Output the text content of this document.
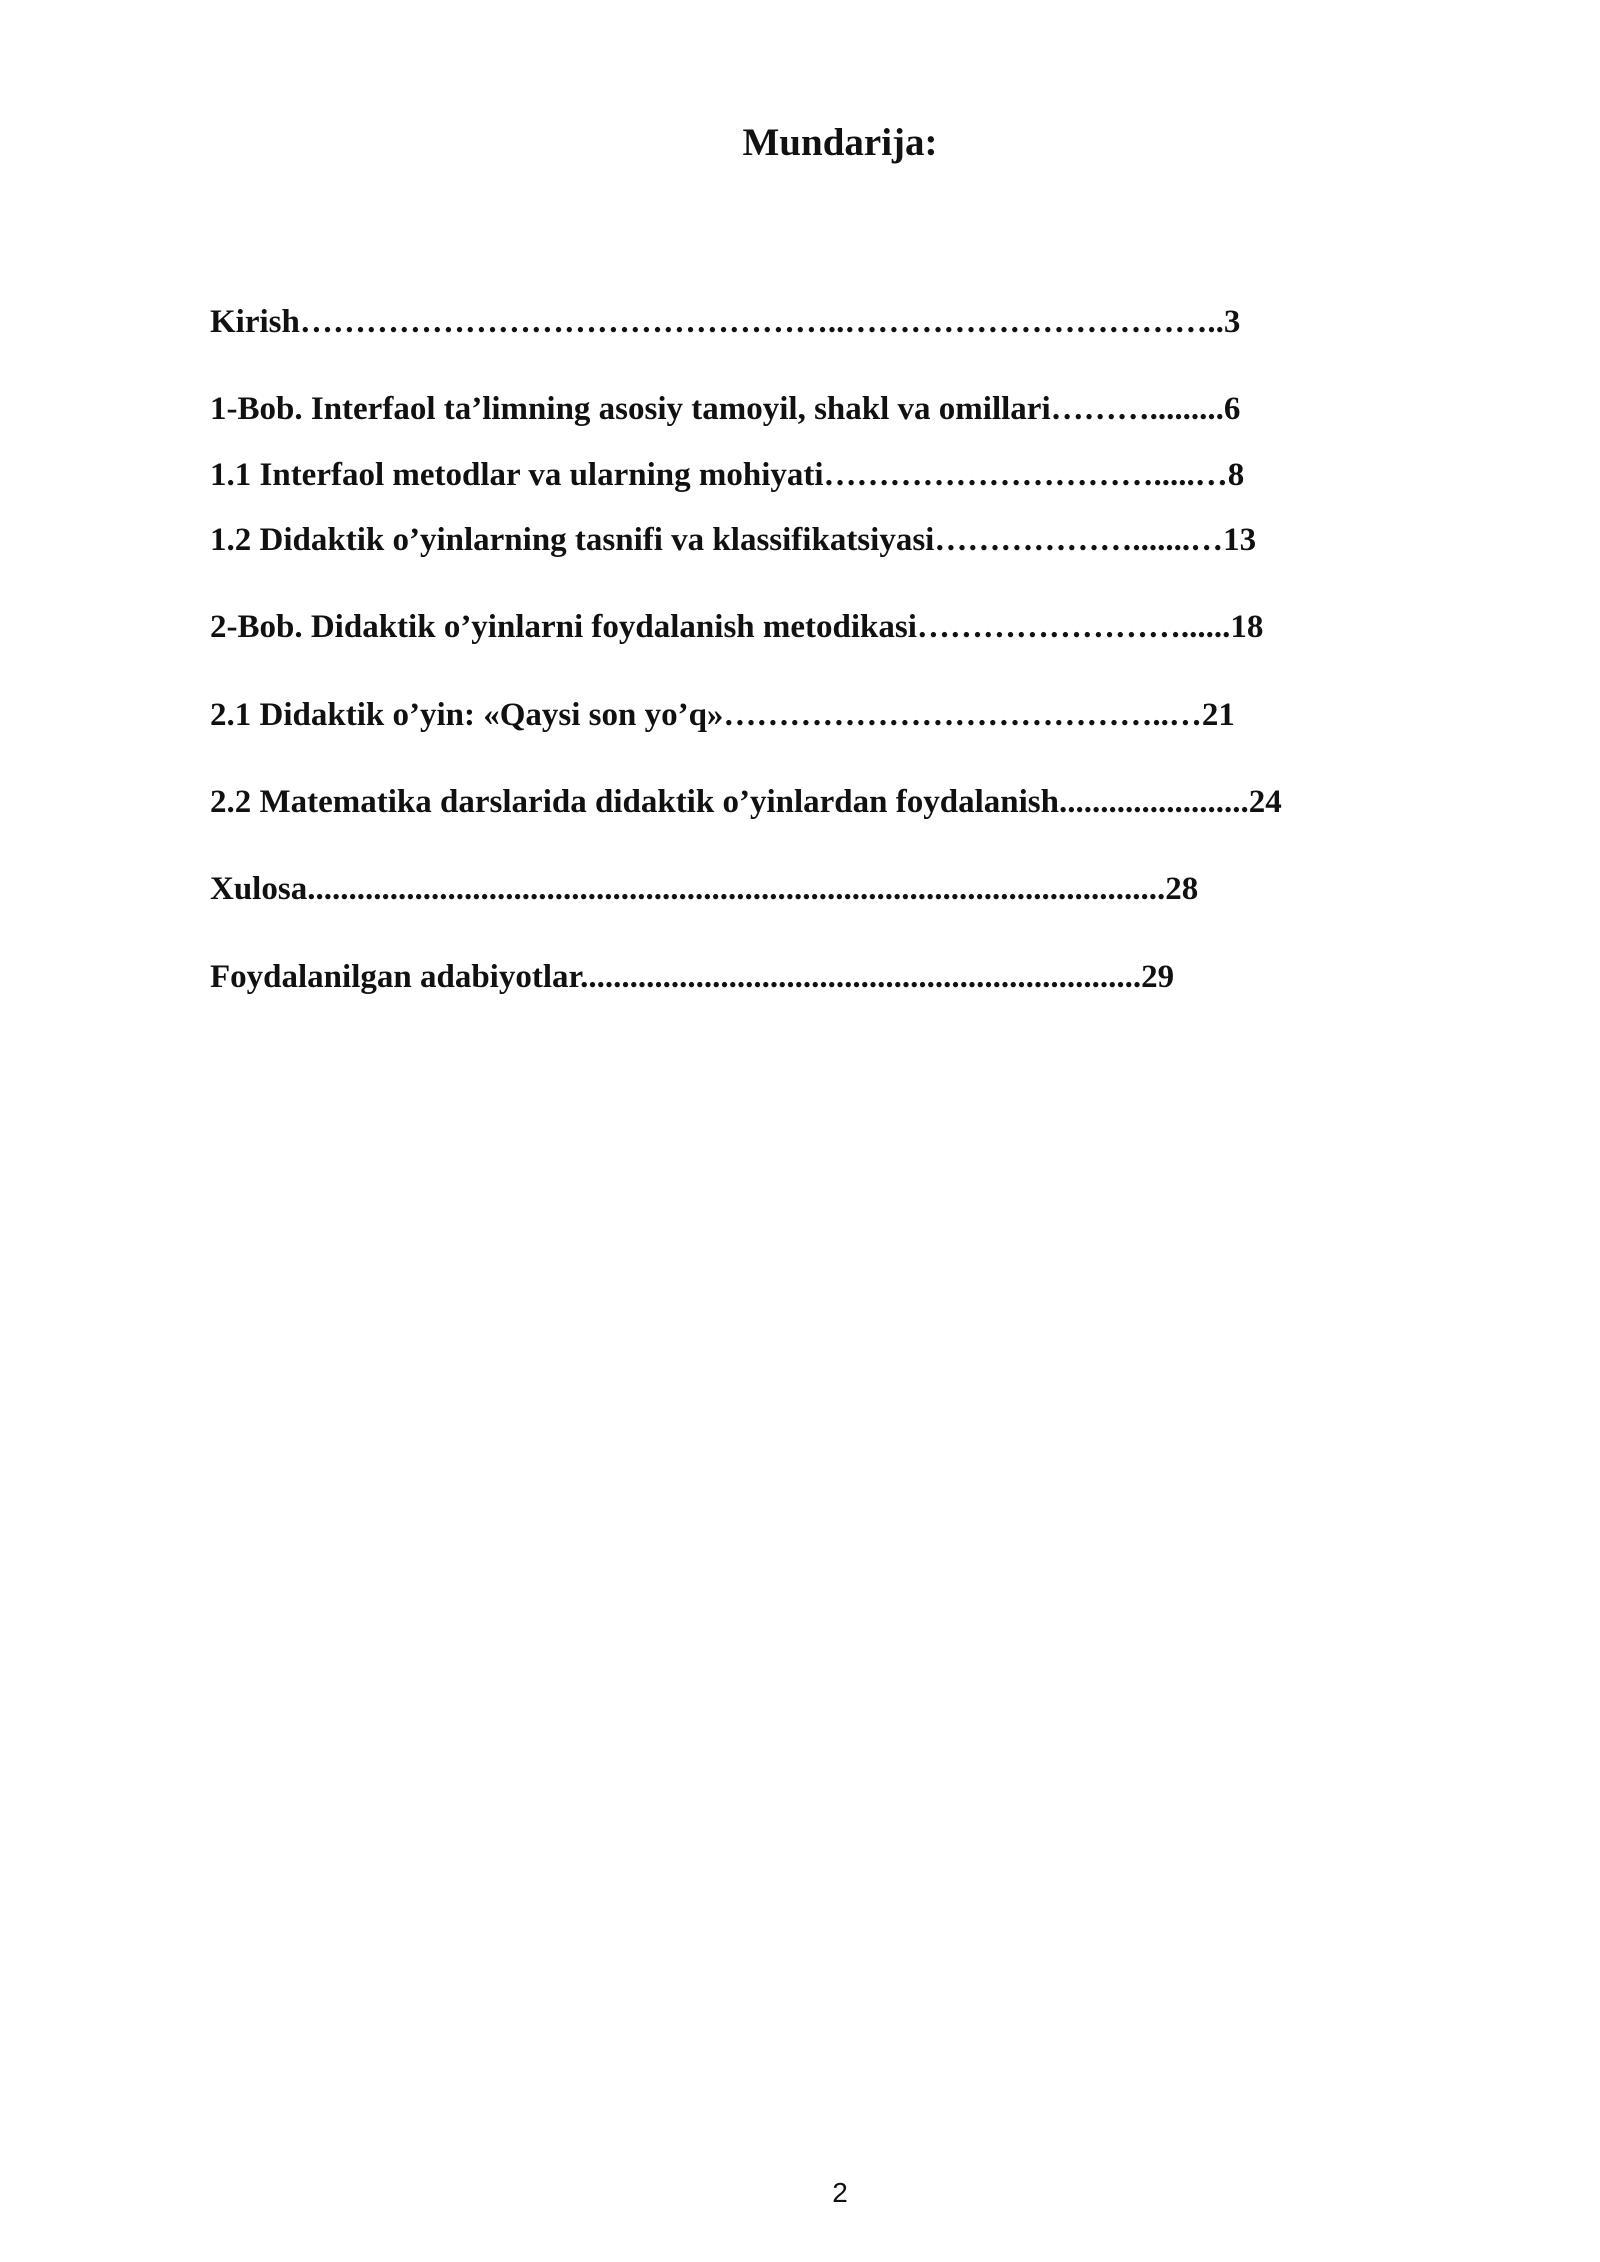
Mundarija:
Kirish…………………………………………..……………………………..3
1-Bob. Interfaol ta’limning asosiy tamoyil, shakl va omillari……….........6
1.1 Interfaol metodlar va ularning mohiyati………………………….....…8
1.2 Didaktik o’yinlarning tasnifi va klassifikatsiyasi……………….......…13
2-Bob. Didaktik o’yinlarni foydalanish metodikasi……………………......18
2.1 Didaktik o’yin: «Qaysi son yo’q»…………………………………..…21
2.2 Matematika darslarida didaktik o’yinlardan foydalanish.......................24
Xulosa........................................................................................................28
Foydalanilgan adabiyotlar....................................................................29
2
